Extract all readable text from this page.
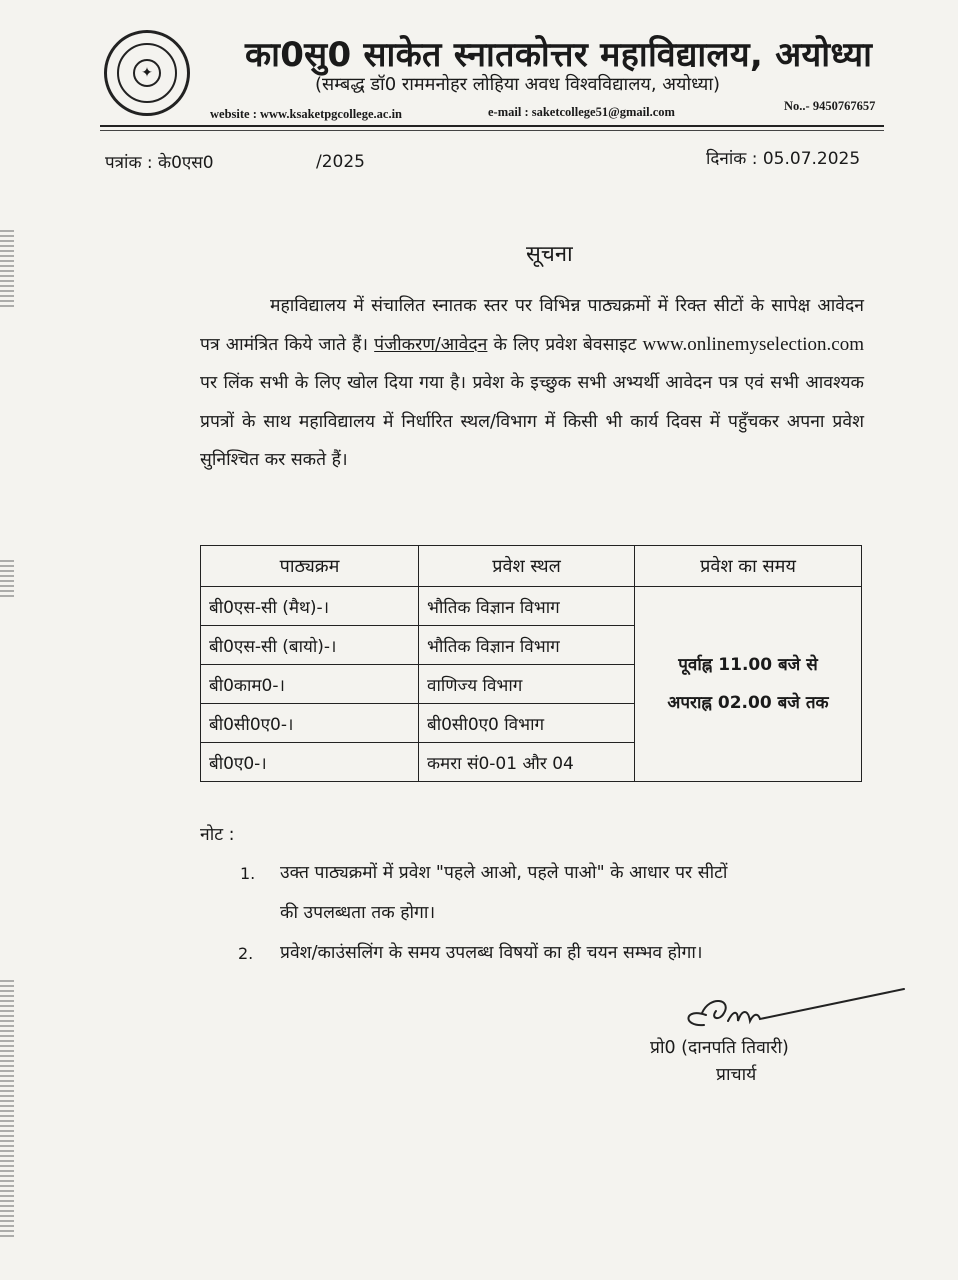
✦	का0सु0 साकेत स्नातकोत्तर महाविद्यालय, अयोध्या
(सम्बद्ध डॉ0 राममनोहर लोहिया अवध विश्वविद्यालय, अयोध्या)
No..- 9450767657
website : www.ksaketpgcollege.ac.in	e-mail : saketcollege51@gmail.com
पत्रांक : के0एस0	/2025	दिनांक : 05.07.2025
सूचना
महाविद्यालय में संचालित स्नातक स्तर पर विभिन्न पाठ्यक्रमों में रिक्त सीटों के सापेक्ष आवेदन पत्र आमंत्रित किये जाते हैं। पंजीकरण/आवेदन के लिए प्रवेश बेवसाइट www.onlinemyselection.com पर लिंक सभी के लिए खोल दिया गया है। प्रवेश के इच्छुक सभी अभ्यर्थी आवेदन पत्र एवं सभी आवश्यक प्रपत्रों के साथ महाविद्यालय में निर्धारित स्थल/विभाग में किसी भी कार्य दिवस में पहुँचकर अपना प्रवेश सुनिश्चित कर सकते हैं।
पाठ्यक्रम	प्रवेश स्थल	प्रवेश का समय
बी0एस-सी (मैथ)-।	भौतिक विज्ञान विभाग	पूर्वाह्न 11.00 बजे से
अपराह्न 02.00 बजे तक

बी0एस-सी (बायो)-।	भौतिक विज्ञान विभाग	
बी0काम0-।	वाणिज्य विभाग	
बी0सी0ए0-।	बी0सी0ए0 विभाग	
बी0ए0-।	कमरा सं0-01 और 04	
नोट :
1. उक्त पाठ्यक्रमों में प्रवेश "पहले आओ, पहले पाओ" के आधार पर सीटों
की उपलब्धता तक होगा।
2. प्रवेश/काउंसलिंग के समय उपलब्ध विषयों का ही चयन सम्भव होगा।
प्रो0 (दानपति तिवारी)
प्राचार्य
